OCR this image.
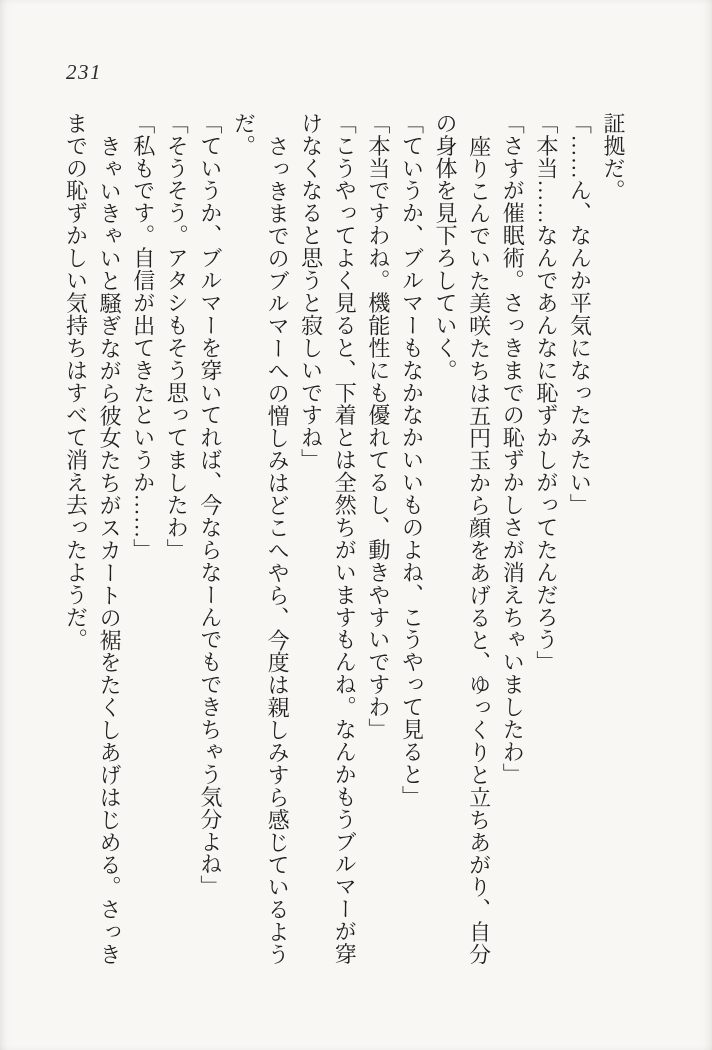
231
証拠だ。
「……ん、なんか平気になったみたい」
「本当……なんであんなに恥ずかしがってたんだろう」
「さすが催眠術。さっきまでの恥ずかしさが消えちゃいましたわ」
座りこんでいた美咲たちは五円玉から顔をあげると、ゆっくりと立ちあがり、自分
の身体を見下ろしていく。
「ていうか、ブルマーもなかなかいいものよね、こうやって見ると」
「本当ですわね。機能性にも優れてるし、動きやすいですわ」
「こうやってよく見ると、下着とは全然ちがいますもんね。なんかもうブルマーが穿
けなくなると思うと寂しいですね」
さっきまでのブルマーへの憎しみはどこへやら、今度は親しみすら感じているよう
だ。
「ていうか、ブルマーを穿いてれば、今ならなーんでもできちゃう気分よね」
「そうそう。アタシもそう思ってましたわ」
「私もです。自信が出てきたというか……」
きゃいきゃいと騒ぎながら彼女たちがスカートの裾をたくしあげはじめる。さっき
までの恥ずかしい気持ちはすべて消え去ったようだ。
